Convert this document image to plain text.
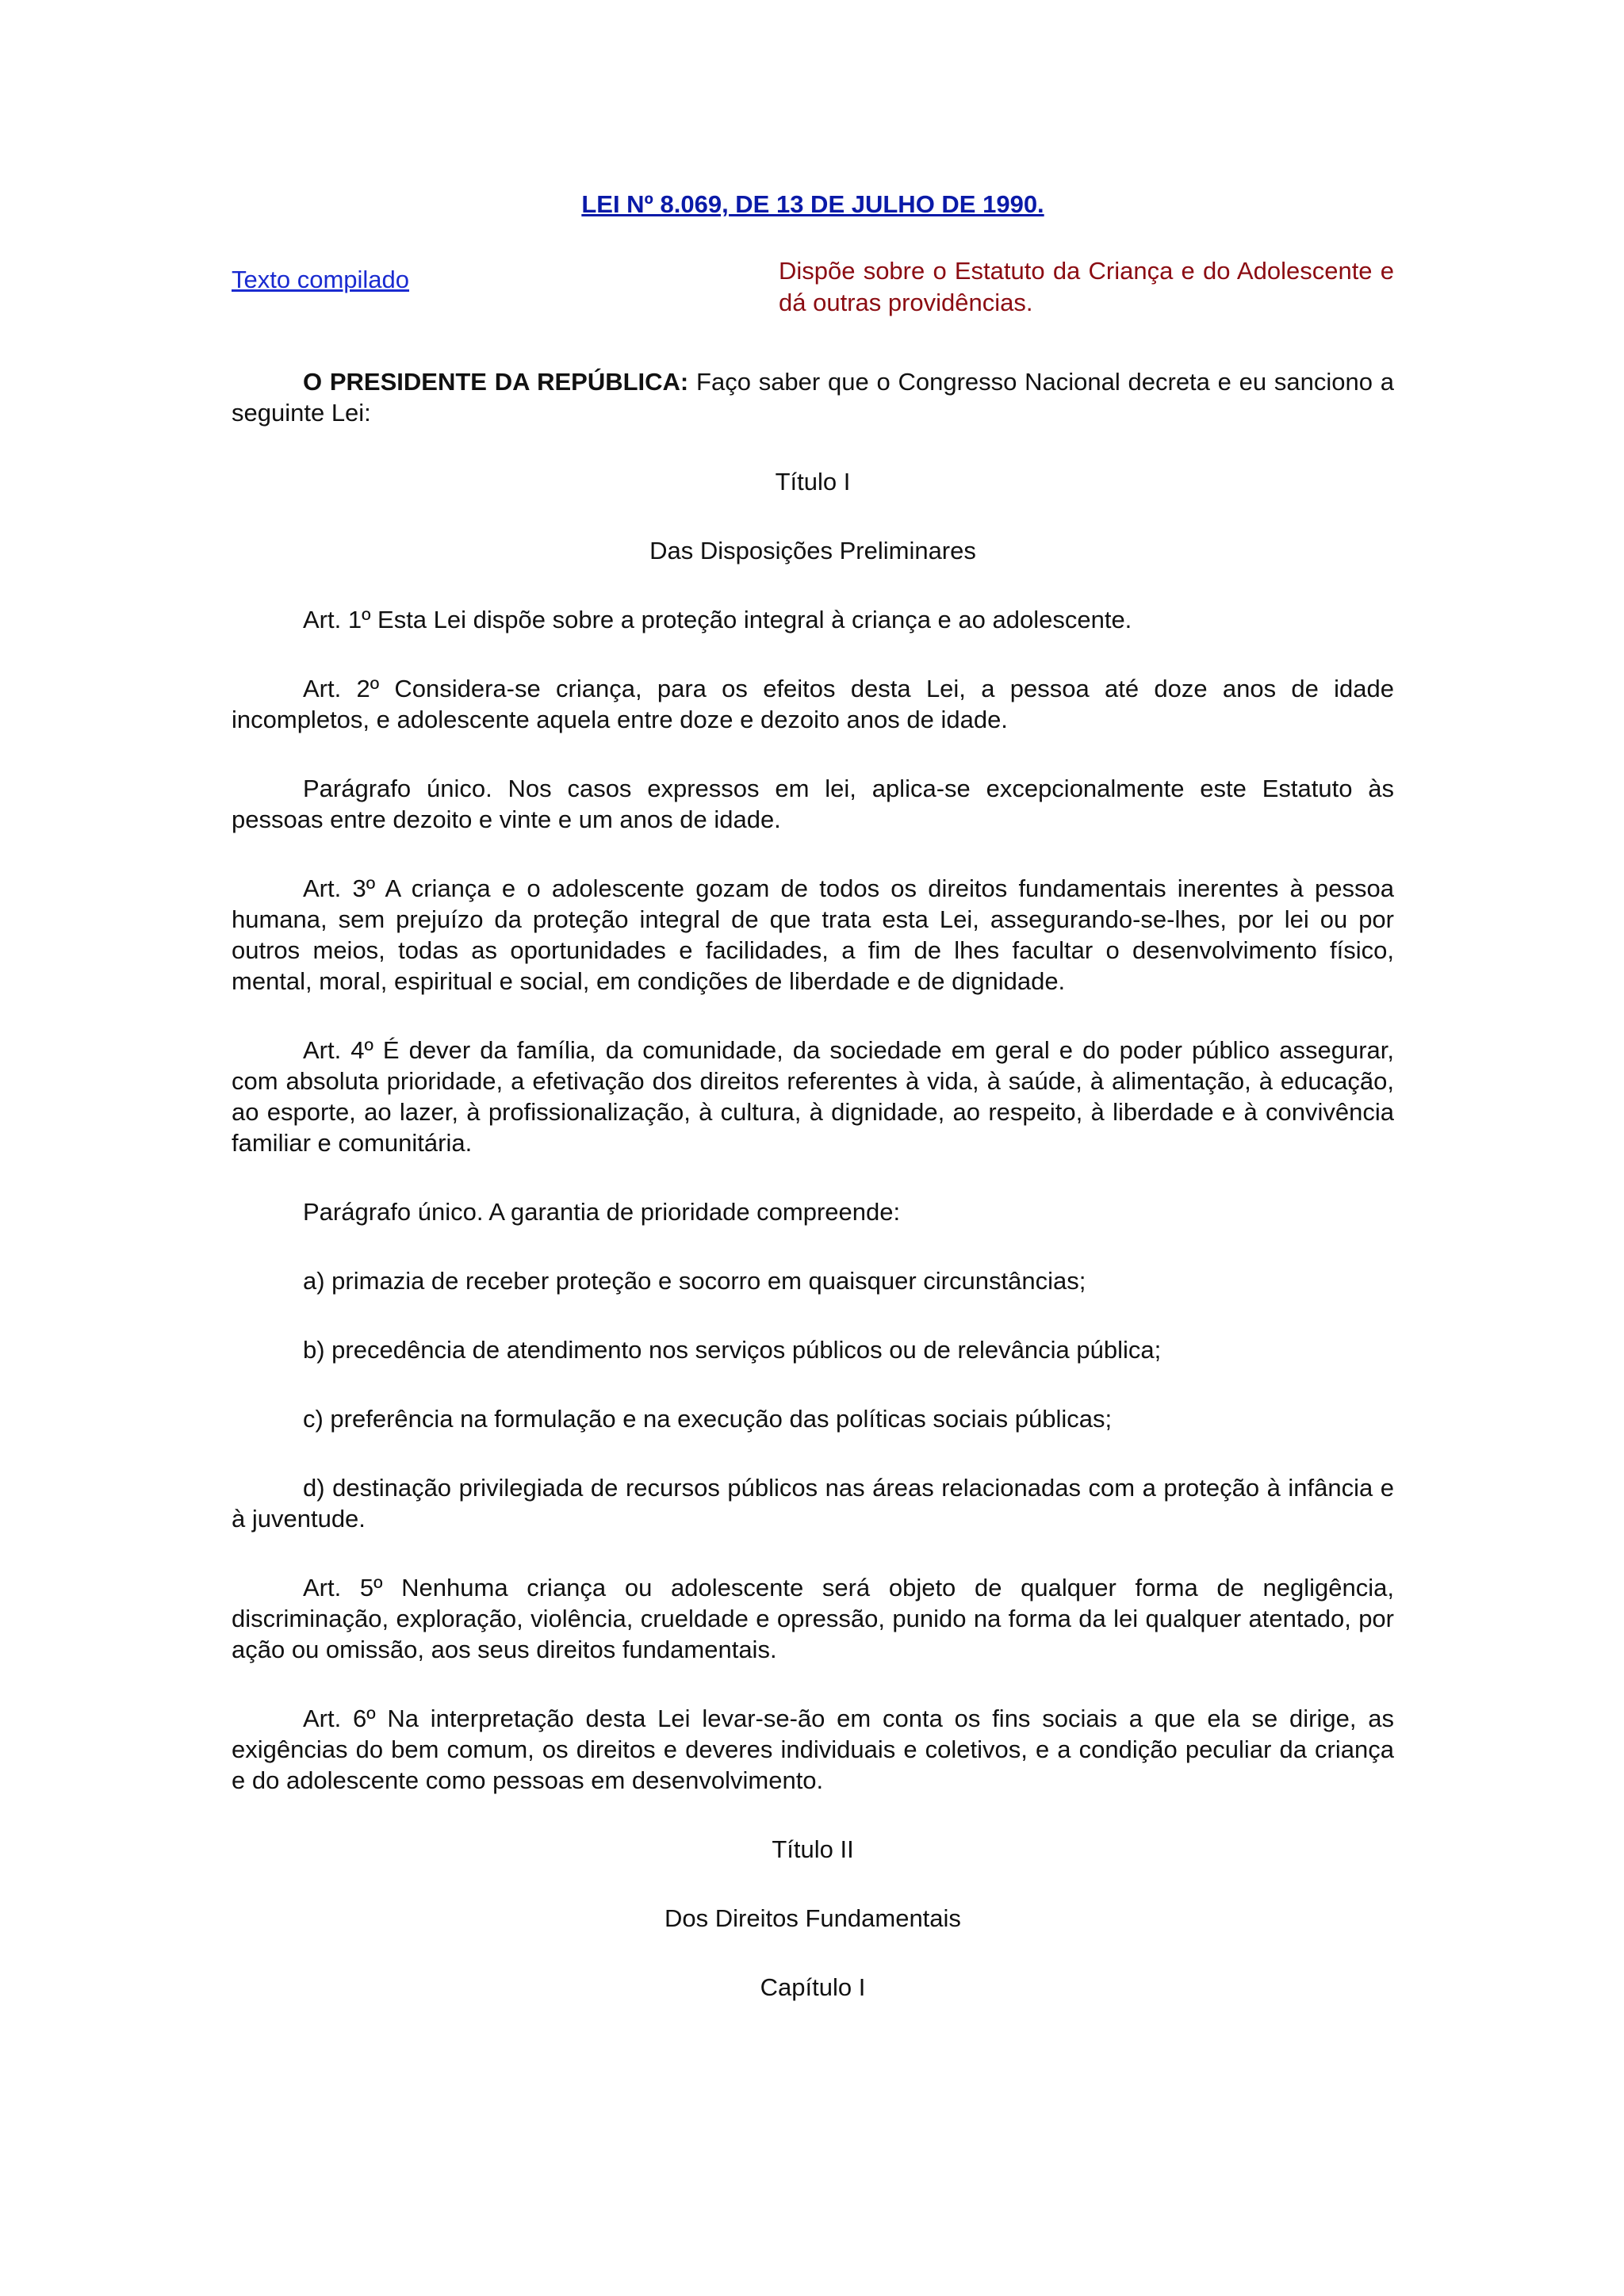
LEI Nº 8.069, DE 13 DE JULHO DE 1990.

Texto compilado	Dispõe sobre o Estatuto da Criança e do Adolescente e dá outras providências.

O PRESIDENTE DA REPÚBLICA: Faço saber que o Congresso Nacional decreta e eu sanciono a seguinte Lei:

Título I

Das Disposições Preliminares

Art. 1º Esta Lei dispõe sobre a proteção integral à criança e ao adolescente.

Art. 2º Considera-se criança, para os efeitos desta Lei, a pessoa até doze anos de idade incompletos, e adolescente aquela entre doze e dezoito anos de idade.

Parágrafo único. Nos casos expressos em lei, aplica-se excepcionalmente este Estatuto às pessoas entre dezoito e vinte e um anos de idade.

Art. 3º A criança e o adolescente gozam de todos os direitos fundamentais inerentes à pessoa humana, sem prejuízo da proteção integral de que trata esta Lei, assegurando-se-lhes, por lei ou por outros meios, todas as oportunidades e facilidades, a fim de lhes facultar o desenvolvimento físico, mental, moral, espiritual e social, em condições de liberdade e de dignidade.

Art. 4º É dever da família, da comunidade, da sociedade em geral e do poder público assegurar, com absoluta prioridade, a efetivação dos direitos referentes à vida, à saúde, à alimentação, à educação, ao esporte, ao lazer, à profissionalização, à cultura, à dignidade, ao respeito, à liberdade e à convivência familiar e comunitária.

Parágrafo único. A garantia de prioridade compreende:

a) primazia de receber proteção e socorro em quaisquer circunstâncias;

b) precedência de atendimento nos serviços públicos ou de relevância pública;

c) preferência na formulação e na execução das políticas sociais públicas;

d) destinação privilegiada de recursos públicos nas áreas relacionadas com a proteção à infância e à juventude.

Art. 5º Nenhuma criança ou adolescente será objeto de qualquer forma de negligência, discriminação, exploração, violência, crueldade e opressão, punido na forma da lei qualquer atentado, por ação ou omissão, aos seus direitos fundamentais.

Art. 6º Na interpretação desta Lei levar-se-ão em conta os fins sociais a que ela se dirige, as exigências do bem comum, os direitos e deveres individuais e coletivos, e a condição peculiar da criança e do adolescente como pessoas em desenvolvimento.

Título II

Dos Direitos Fundamentais

Capítulo I
